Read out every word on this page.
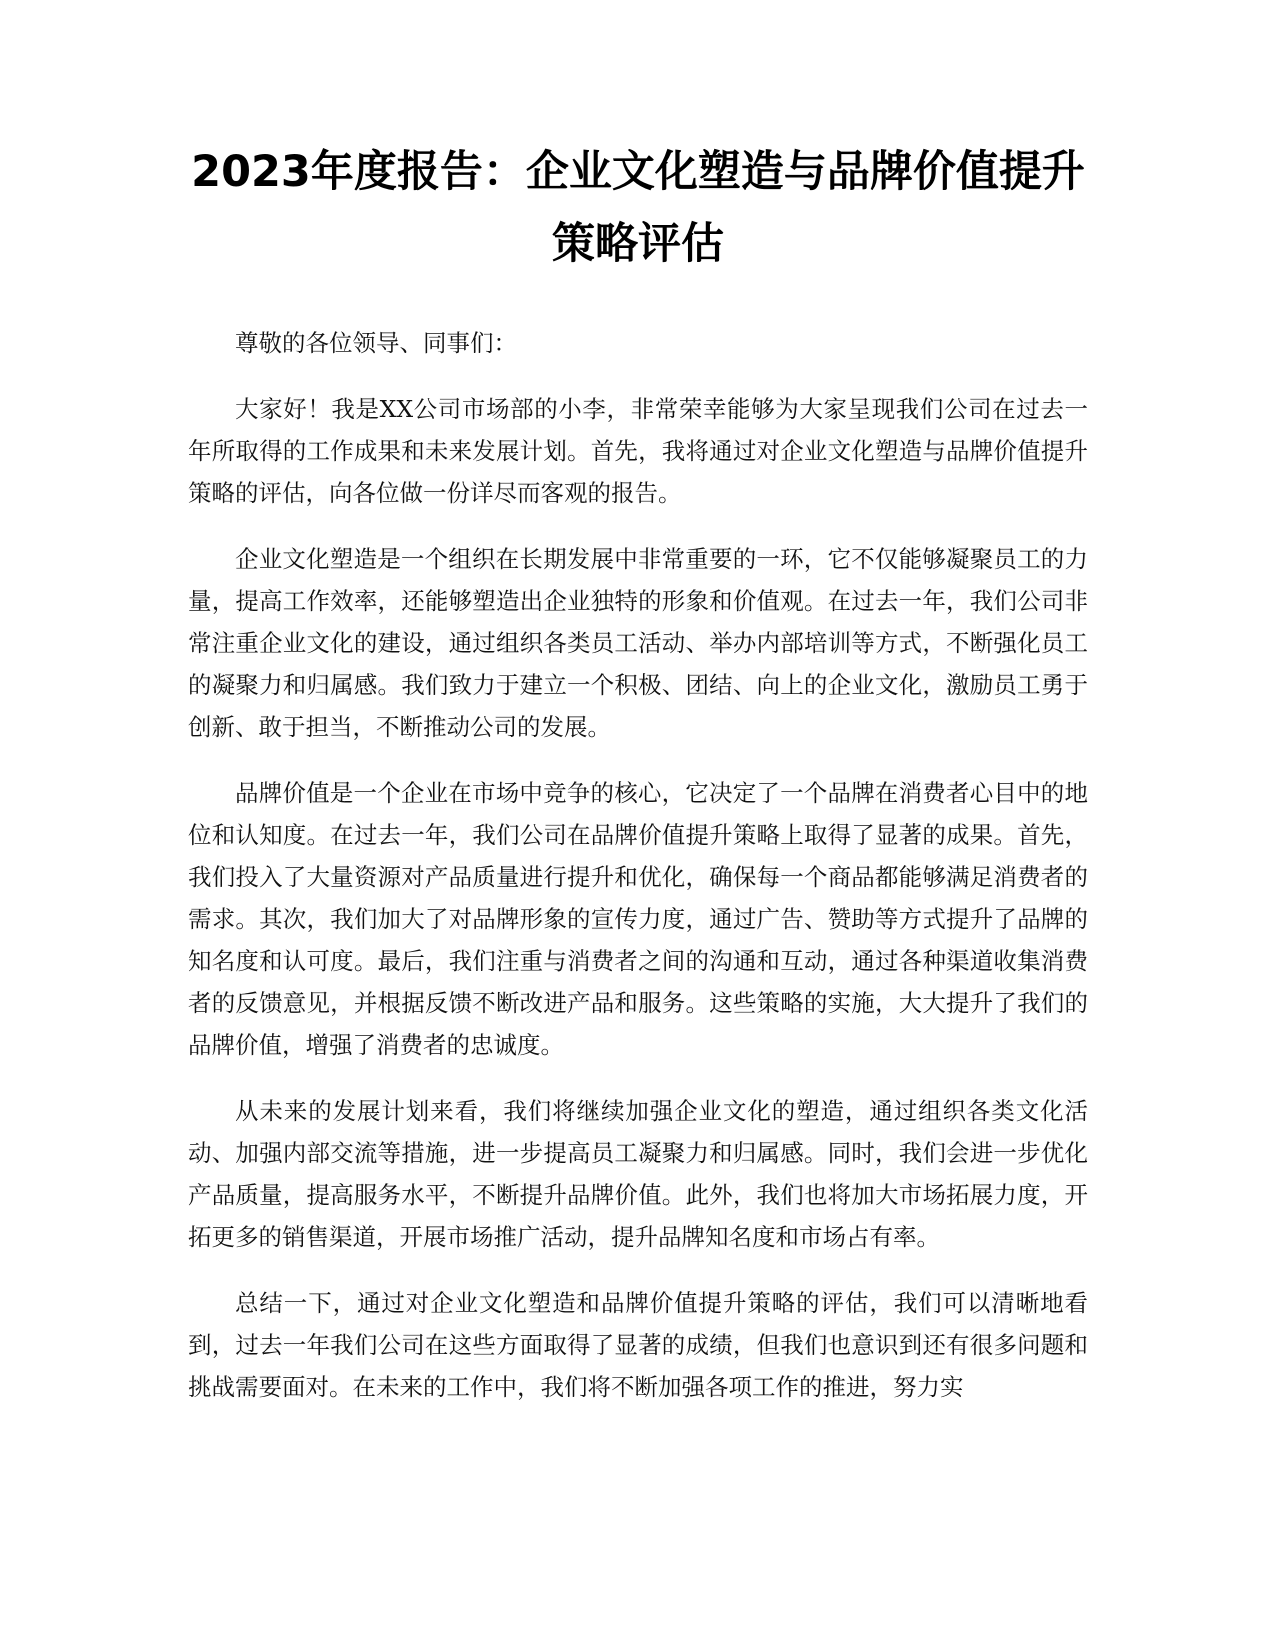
2023年度报告：企业文化塑造与品牌价值提升策略评估

尊敬的各位领导、同事们：

大家好！我是XX公司市场部的小李，非常荣幸能够为大家呈现我们公司在过去一年所取得的工作成果和未来发展计划。首先，我将通过对企业文化塑造与品牌价值提升策略的评估，向各位做一份详尽而客观的报告。

企业文化塑造是一个组织在长期发展中非常重要的一环，它不仅能够凝聚员工的力量，提高工作效率，还能够塑造出企业独特的形象和价值观。在过去一年，我们公司非常注重企业文化的建设，通过组织各类员工活动、举办内部培训等方式，不断强化员工的凝聚力和归属感。我们致力于建立一个积极、团结、向上的企业文化，激励员工勇于创新、敢于担当，不断推动公司的发展。

品牌价值是一个企业在市场中竞争的核心，它决定了一个品牌在消费者心目中的地位和认知度。在过去一年，我们公司在品牌价值提升策略上取得了显著的成果。首先，我们投入了大量资源对产品质量进行提升和优化，确保每一个商品都能够满足消费者的需求。其次，我们加大了对品牌形象的宣传力度，通过广告、赞助等方式提升了品牌的知名度和认可度。最后，我们注重与消费者之间的沟通和互动，通过各种渠道收集消费者的反馈意见，并根据反馈不断改进产品和服务。这些策略的实施，大大提升了我们的品牌价值，增强了消费者的忠诚度。

从未来的发展计划来看，我们将继续加强企业文化的塑造，通过组织各类文化活动、加强内部交流等措施，进一步提高员工凝聚力和归属感。同时，我们会进一步优化产品质量，提高服务水平，不断提升品牌价值。此外，我们也将加大市场拓展力度，开拓更多的销售渠道，开展市场推广活动，提升品牌知名度和市场占有率。

总结一下，通过对企业文化塑造和品牌价值提升策略的评估，我们可以清晰地看到，过去一年我们公司在这些方面取得了显著的成绩，但我们也意识到还有很多问题和挑战需要面对。在未来的工作中，我们将不断加强各项工作的推进，努力实
